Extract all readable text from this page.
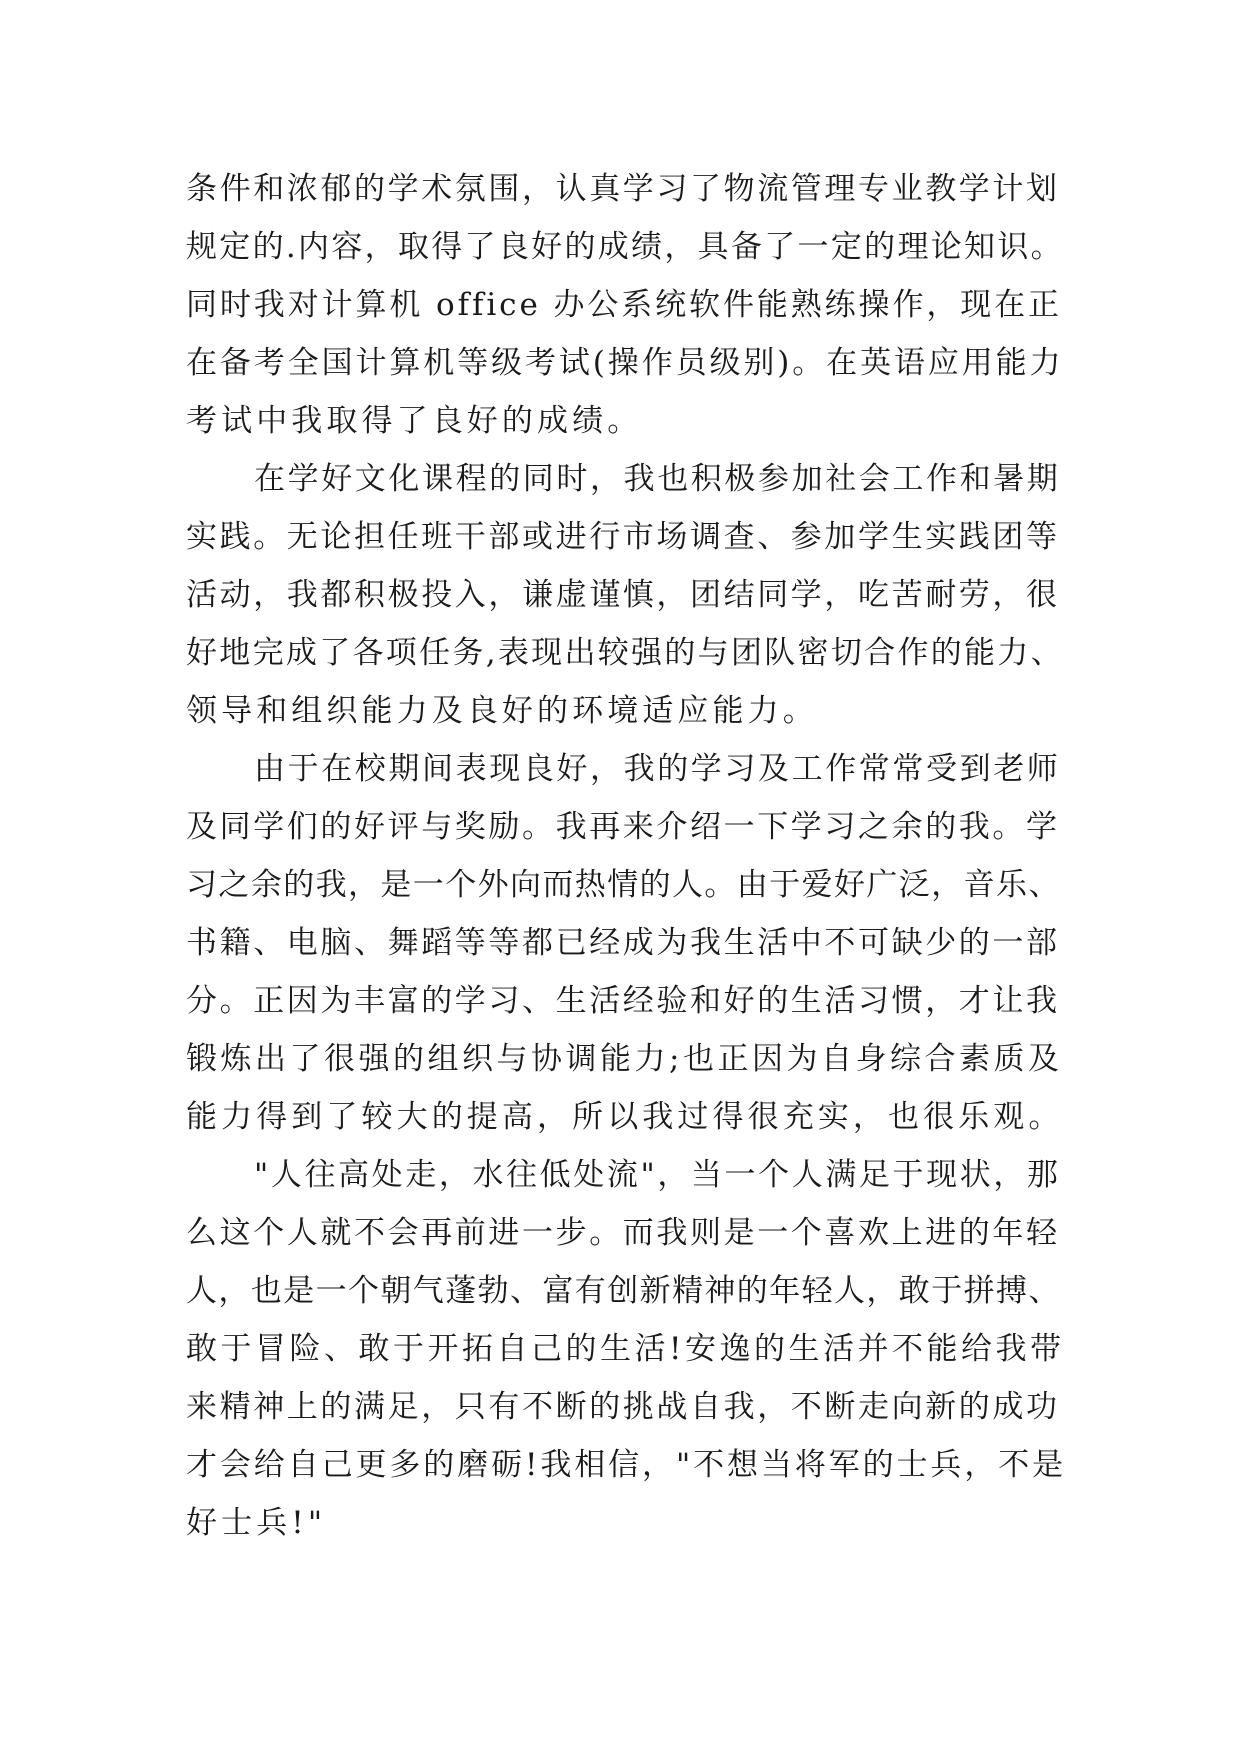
条件和浓郁的学术氛围，认真学习了物流管理专业教学计划
规定的.内容，取得了良好的成绩，具备了一定的理论知识。
同时我对计算机 office 办公系统软件能熟练操作，现在正
在备考全国计算机等级考试(操作员级别)。在英语应用能力
考试中我取得了良好的成绩。
在学好文化课程的同时，我也积极参加社会工作和暑期
实践。无论担任班干部或进行市场调查、参加学生实践团等
活动，我都积极投入，谦虚谨慎，团结同学，吃苦耐劳，很
好地完成了各项任务,表现出较强的与团队密切合作的能力、
领导和组织能力及良好的环境适应能力。
由于在校期间表现良好，我的学习及工作常常受到老师
及同学们的好评与奖励。我再来介绍一下学习之余的我。学
习之余的我，是一个外向而热情的人。由于爱好广泛，音乐、
书籍、电脑、舞蹈等等都已经成为我生活中不可缺少的一部
分。正因为丰富的学习、生活经验和好的生活习惯，才让我
锻炼出了很强的组织与协调能力;也正因为自身综合素质及
能力得到了较大的提高，所以我过得很充实，也很乐观。
"人往高处走，水往低处流"，当一个人满足于现状，那
么这个人就不会再前进一步。而我则是一个喜欢上进的年轻
人，也是一个朝气蓬勃、富有创新精神的年轻人，敢于拼搏、
敢于冒险、敢于开拓自己的生活!安逸的生活并不能给我带
来精神上的满足，只有不断的挑战自我，不断走向新的成功
才会给自己更多的磨砺!我相信，"不想当将军的士兵，不是
好士兵!"
